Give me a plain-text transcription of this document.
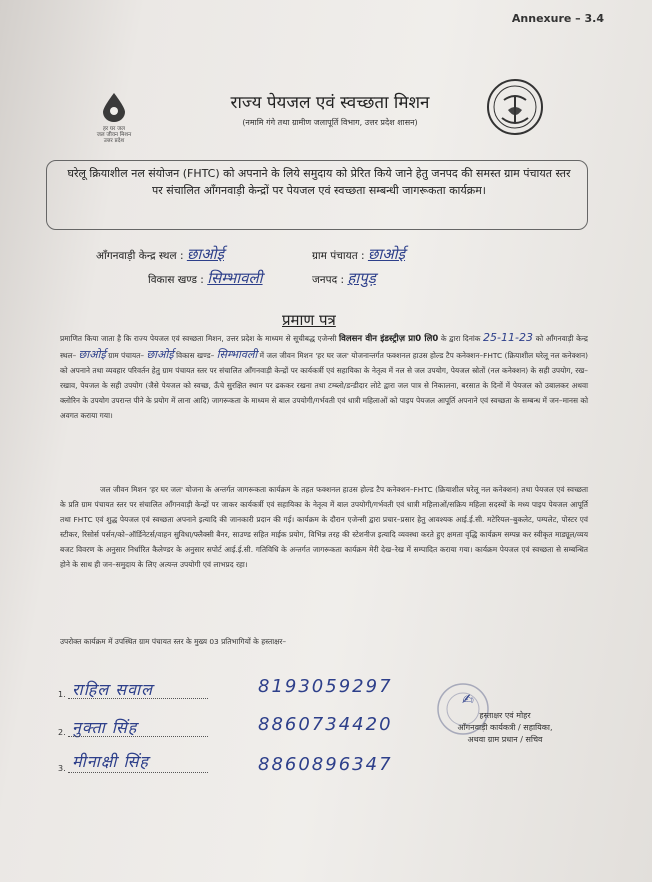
Annexure – 3.4
हर घर जल
जल जीवन मिशन
उत्तर प्रदेश
राज्य पेयजल एवं स्वच्छता मिशन
(नमामि गंगे तथा ग्रामीण जलापूर्ति विभाग, उत्तर प्रदेश शासन)

घरेलू क्रियाशील नल संयोजन (FHTC) को अपनाने के लिये समुदाय को प्रेरित किये जाने हेतु जनपद की समस्त ग्राम पंचायत स्तर पर संचालित आँगनवाड़ी केन्द्रों पर पेयजल एवं स्वच्छता सम्बन्धी जागरूकता कार्यक्रम।

आँगनवाड़ी केन्द्र स्थल : छाओई	ग्राम पंचायत : छाओई
विकास खण्ड : सिम्भावली	जनपद : हापुड़
प्रमाण पत्र
प्रमाणित किया जाता है कि राज्य पेयजल एवं स्वच्छता मिशन, उत्तर प्रदेश के माध्यम से सूचीबद्ध एजेन्सी विलसन वीन इंडस्ट्रीज़ प्रा0 लि0 के द्वारा दिनांक 25-11-23 को आँगनवाड़ी केन्द्र स्थल– छाओई ग्राम पंचायत– छाओई विकास खण्ड– सिम्भावली में जल जीवन मिशन 'हर घर जल' योजनान्तर्गत फक्शनल हाउस होल्ड टैप कनेक्शन–FHTC (क्रियाशील घरेलू नल कनेक्शन) को अपनाने तथा व्यवहार परिवर्तन हेतु ग्राम पंचायत स्तर पर संचालित आँगनवाड़ी केन्द्रों पर कार्यकर्त्री एवं सहायिका के नेतृत्व में नल से जल उपयोग, पेयजल स्रोतों (नल कनेक्शन) के सही उपयोग, रख–रखाव, पेयजल के सही उपयोग (जैसे पेयजल को स्वच्छ, ऊँचे सुरक्षित स्थान पर ढककर रखना तथा टम्ब्लो/डन्डीदार लोटे द्वारा जल पात्र से निकालना, बरसात के दिनों में पेयजल को उबालकर अथवा क्लोरिन के उपयोग उपरान्त पीने के प्रयोग में लाना आदि) जागरूकता के माध्यम से बाल उपयोगी/गर्भवती एवं धात्री महिलाओं को पाइप पेयजल आपूर्ति अपनाने एवं स्वच्छता के सम्बन्ध में जन–मानस को अवगत कराया गया।
जल जीवन मिशन 'हर घर जल' योजना के अन्तर्गत जागरूकता कार्यक्रम के तहत फक्शनल हाउस होल्ड टैप कनेक्शन–FHTC (क्रियाशील घरेलू नल कनेक्शन) तथा पेयजल एवं स्वच्छता के प्रति ग्राम पंचायत स्तर पर संचालित आँगनवाड़ी केन्द्रों पर जाकर कार्यकर्त्री एवं सहायिका के नेतृत्व में बाल उपयोगी/गर्भवती एवं धात्री महिलाओं/सक्रिय महिला सदस्यों के मध्य पाइप पेयजल आपूर्ति तथा FHTC एवं शुद्ध पेयजल एवं स्वच्छता अपनाने इत्यादि की जानकारी प्रदान की गई। कार्यक्रम के दौरान एजेन्सी द्वारा प्रचार–प्रसार हेतु आवश्यक आई.ई.सी. मटेरियल–बुकलेट, पम्पलेट, पोस्टर एवं स्टीकर, रिसोर्स पर्सन/को–ऑर्डिनेटर्स/वाहन सुविधा/फ्लैक्सी बैनर, साउण्ड सहित माईक प्रयोग, विभिन्न तरह की स्टेशनीज इत्यादि व्यवस्था करते हुए क्षमता वृद्धि कार्यक्रम सम्पन्न कर स्वीकृत माड्यूल/व्यय बजट विवरण के अनुसार निर्धारित कैलेण्डर के अनुसार सपोर्ट आई.ई.सी. गतिविधि के अन्तर्गत जागरूकता कार्यक्रम मेरी देख–रेख में सम्पादित कराया गया। कार्यक्रम पेयजल एवं स्वच्छता से सम्बन्धित होने के साथ ही जन–समुदाय के लिए अत्यन्त उपयोगी एवं लाभप्रद रहा।
उपरोक्त कार्यक्रम में उपस्थित ग्राम पंचायत स्तर के मुख्य 03 प्रतिभागियों के हस्ताक्षर–
1. राहिल सवाल	8193059297
2. नुक्ता सिंह	8860734420
3. मीनाक्षी सिंह	8860896347
✍
हस्ताक्षर एवं मोहर
आँगनवाड़ी कार्यकत्री / सहायिका,
अथवा ग्राम प्रधान / सचिव
